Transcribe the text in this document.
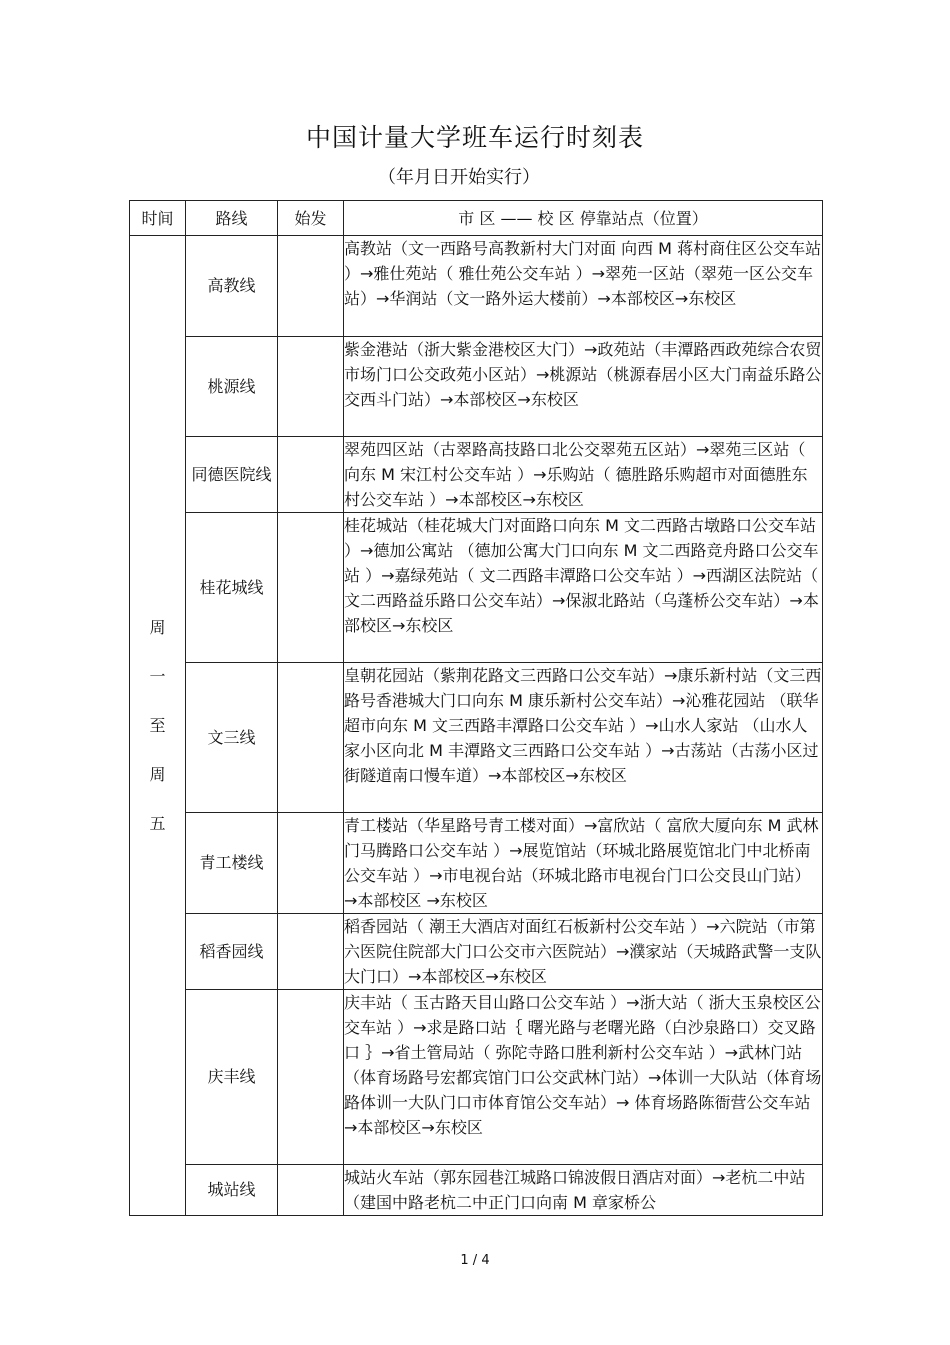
中国计量大学班车运行时刻表
（年月日开始实行）
时间	路线	始发	市 区 —— 校 区 停靠站点（位置）

周
一
至
周
五	高教线		高教站（文一西路号高教新村大门对面 向西 M 蒋村商住区公交车站 ）→雅仕苑站（ 雅仕苑公交车站 ）→翠苑一区站（翠苑一区公交车站）→华润站（文一路外运大楼前）→本部校区→东校区

	桃源线		紫金港站（浙大紫金港校区大门）→政苑站（丰潭路西政苑综合农贸市场门口公交政苑小区站）→桃源站（桃源春居小区大门南益乐路公交西斗门站）→本部校区→东校区

	同德医院线		翠苑四区站（古翠路高技路口北公交翠苑五区站）→翠苑三区站（ 向东 M 宋江村公交车站 ）→乐购站（ 德胜路乐购超市对面德胜东村公交车站 ）→本部校区→东校区

	桂花城线		桂花城站（桂花城大门对面路口向东 M 文二西路古墩路口公交车站 ）→德加公寓站 （德加公寓大门口向东 M 文二西路竞舟路口公交车站 ）→嘉绿苑站（ 文二西路丰潭路口公交车站 ）→西湖区法院站（ 文二西路益乐路口公交车站）→保淑北路站（乌蓬桥公交车站）→本部校区→东校区

	文三线		皇朝花园站（紫荆花路文三西路口公交车站）→康乐新村站（文三西路号香港城大门口向东 M 康乐新村公交车站）→沁雅花园站 （联华超市向东 M 文三西路丰潭路口公交车站 ）→山水人家站 （山水人家小区向北 M 丰潭路文三西路口公交车站 ）→古荡站（古荡小区过街隧道南口慢车道）→本部校区→东校区

	青工楼线		青工楼站（华星路号青工楼对面）→富欣站（ 富欣大厦向东 M 武林门马腾路口公交车站 ）→展览馆站（环城北路展览馆北门中北桥南公交车站 ）→市电视台站（环城北路市电视台门口公交艮山门站） →本部校区 →东校区

	稻香园线		稻香园站（ 潮王大酒店对面红石板新村公交车站 ）→六院站（市第六医院住院部大门口公交市六医院站）→濮家站（天城路武警一支队大门口）→本部校区→东校区

	庆丰线		庆丰站（ 玉古路天目山路口公交车站 ）→浙大站（ 浙大玉泉校区公交车站 ）→求是路口站｛ 曙光路与老曙光路（白沙泉路口）交叉路口 ｝→省土管局站（ 弥陀寺路口胜利新村公交车站 ）→武林门站（体育场路号宏都宾馆门口公交武林门站）→体训一大队站（体育场路体训一大队门口市体育馆公交车站）→ 体育场路陈衙营公交车站→本部校区→东校区

	城站线		城站火车站（郭东园巷江城路口锦波假日酒店对面）→老杭二中站（建国中路老杭二中正门口向南 M 章家桥公
1 / 4
